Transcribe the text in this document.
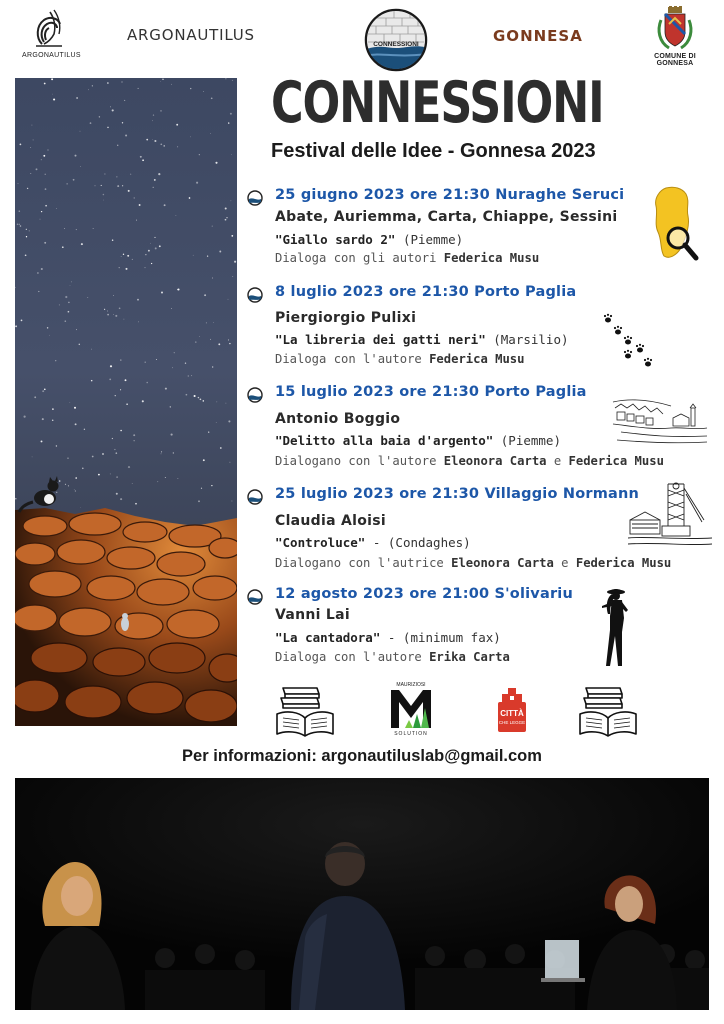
ARGONAUTILUS
ARGONAUTILUS
CONNESSIONI	GONNESA
COMUNE DI GONNESA
CONNESSIONI
Festival delle Idee - Gonnesa 2023
25 giugno 2023 ore 21:30 Nuraghe Seruci
Abate, Auriemma, Carta, Chiappe, Sessini
"Giallo sardo 2" (Piemme)
Dialoga con gli autori Federica Musu
8 luglio 2023 ore 21:30 Porto Paglia
Piergiorgio Pulixi
"La libreria dei gatti neri" (Marsilio)
Dialoga con l'autore Federica Musu
15 luglio 2023 ore 21:30 Porto Paglia
Antonio Boggio
"Delitto alla baia d'argento" (Piemme)
Dialogano con l'autore Eleonora Carta e Federica Musu
25 luglio 2023 ore 21:30 Villaggio Normann
Claudia Aloisi
"Controluce" - (Condaghes)
Dialogano con l'autrice Eleonora Carta e Federica Musu
12 agosto 2023 ore 21:00 S'olivariu
Vanni Lai
"La cantadora" - (minimum fax)
Dialoga con l'autore Erika Carta
MAURIZIOSI
SOLUTION
CITTÀ
CHE LEGGE
Per informazioni: argonautiluslab@gmail.com
